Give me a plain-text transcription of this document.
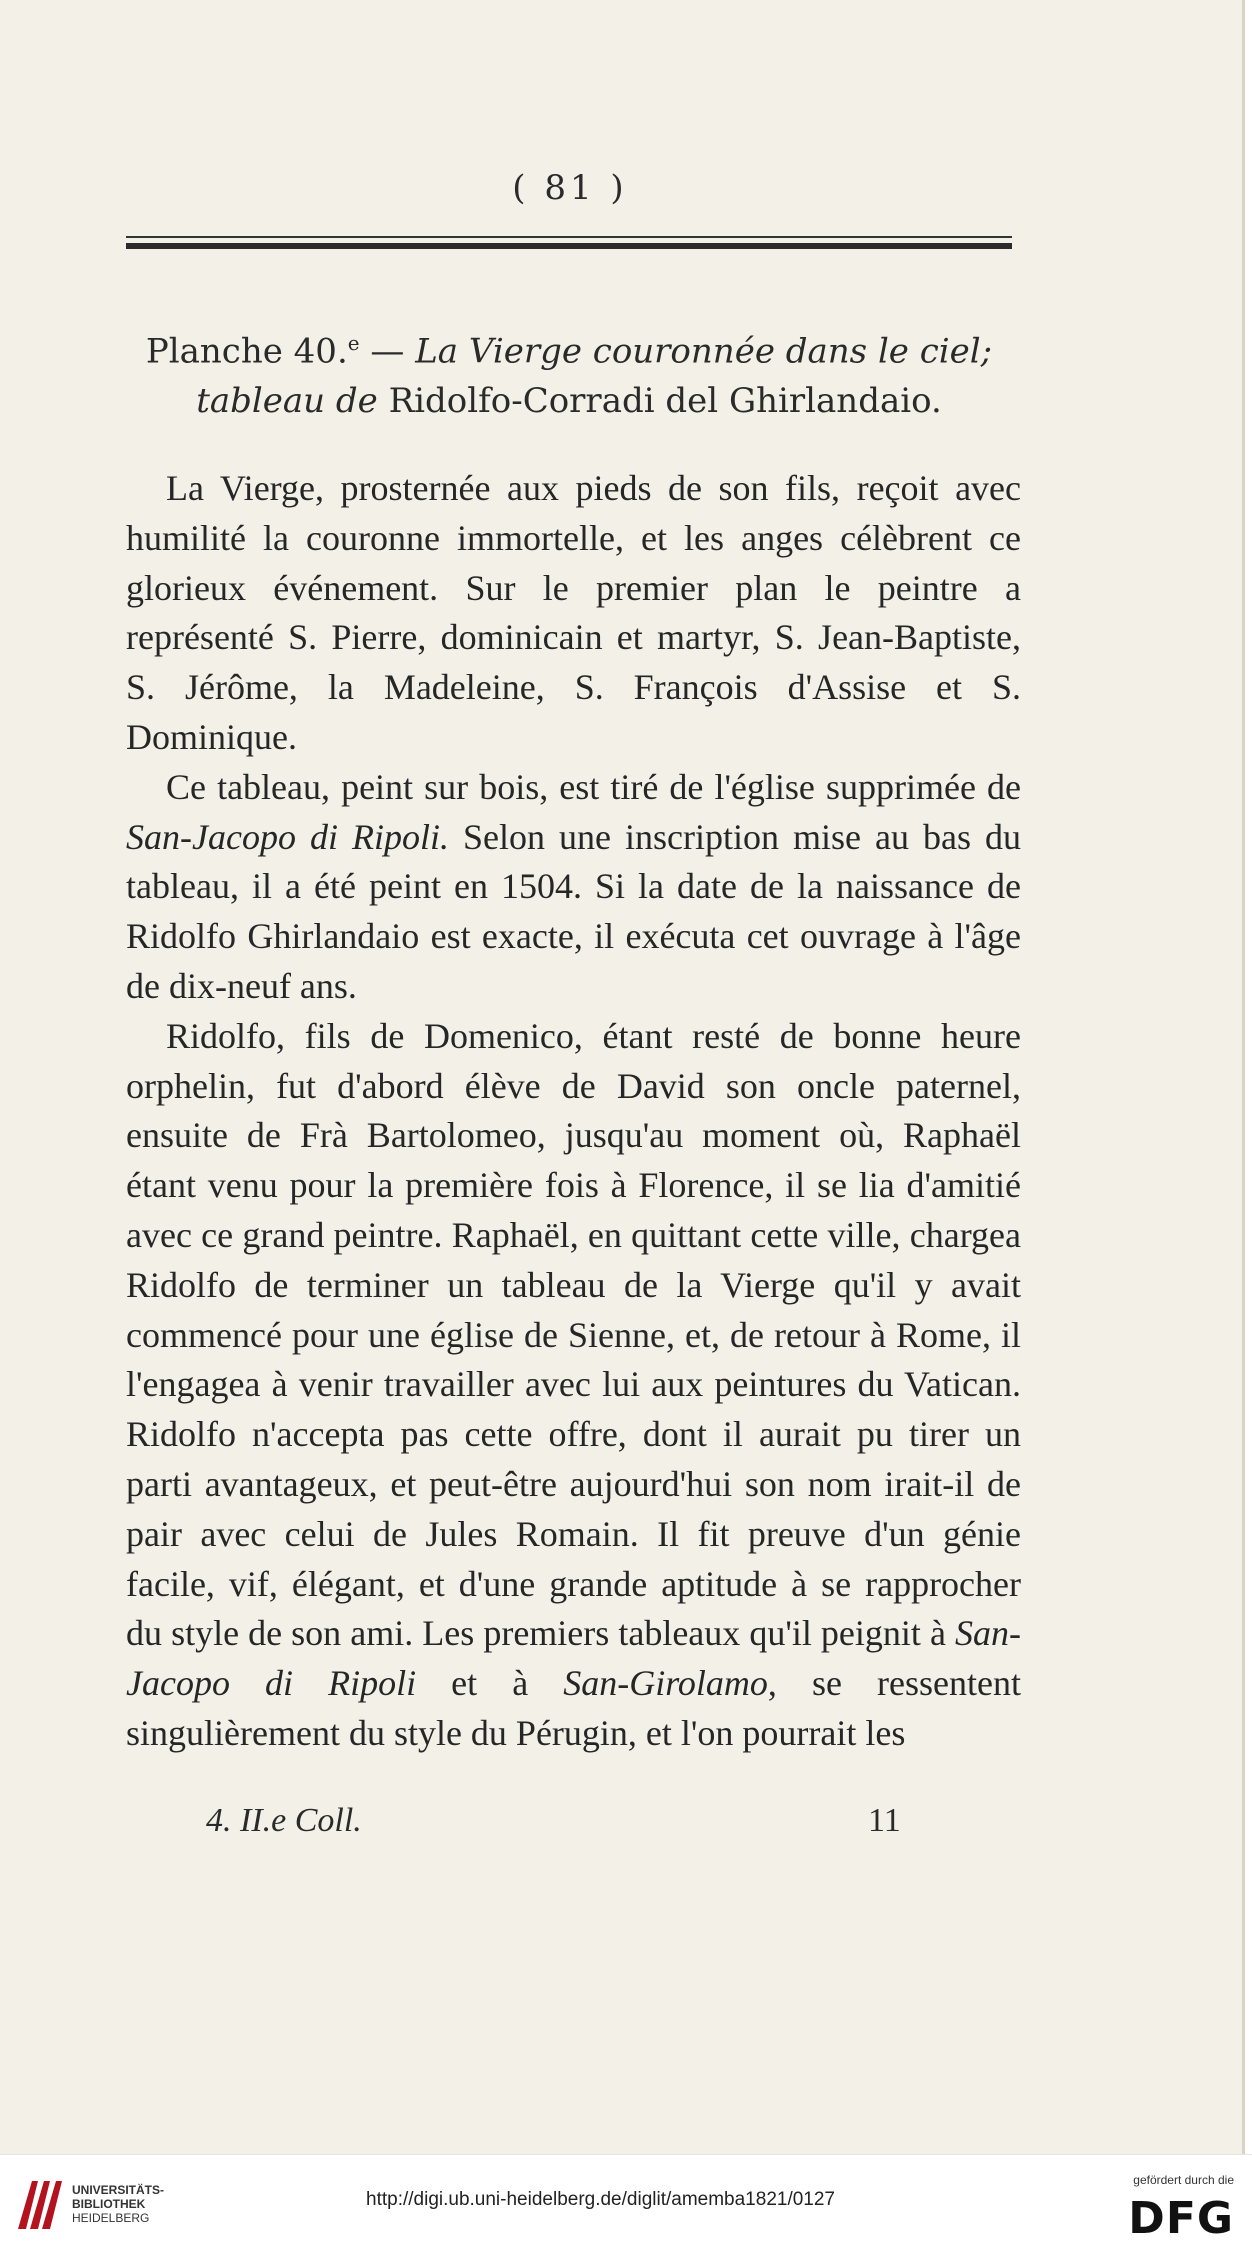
( 81 )
Planche 40.$^e$ — La Vierge couronnée dans le ciel;
tableau de Ridolfo-Corradi del Ghirlandaio.

La Vierge, prosternée aux pieds de son fils, reçoit avec humilité la couronne immortelle, et les anges célèbrent ce glorieux événement. Sur le premier plan le peintre a représenté S. Pierre, dominicain et martyr, S. Jean-Baptiste, S. Jérôme, la Madeleine, S. François d'Assise et S. Dominique.

Ce tableau, peint sur bois, est tiré de l'église supprimée de San-Jacopo di Ripoli. Selon une inscription mise au bas du tableau, il a été peint en 1504. Si la date de la naissance de Ridolfo Ghirlandaio est exacte, il exécuta cet ouvrage à l'âge de dix-neuf ans.

Ridolfo, fils de Domenico, étant resté de bonne heure orphelin, fut d'abord élève de David son oncle paternel, ensuite de Frà Bartolomeo, jusqu'au moment où, Raphaël étant venu pour la première fois à Florence, il se lia d'amitié avec ce grand peintre. Raphaël, en quittant cette ville, chargea Ridolfo de terminer un tableau de la Vierge qu'il y avait commencé pour une église de Sienne, et, de retour à Rome, il l'engagea à venir travailler avec lui aux peintures du Vatican. Ridolfo n'accepta pas cette offre, dont il aurait pu tirer un parti avantageux, et peut-être aujourd'hui son nom irait-il de pair avec celui de Jules Romain. Il fit preuve d'un génie facile, vif, élégant, et d'une grande aptitude à se rapprocher du style de son ami. Les premiers tableaux qu'il peignit à San-Jacopo di Ripoli et à San-Girolamo, se ressentent singulièrement du style du Pérugin, et l'on pourrait les

4. II.e Coll.	11
UNIVERSITÄTS-
BIBLIOTHEK
HEIDELBERG
http://digi.ub.uni-heidelberg.de/diglit/amemba1821/0127
gefördert durch die
DFG
